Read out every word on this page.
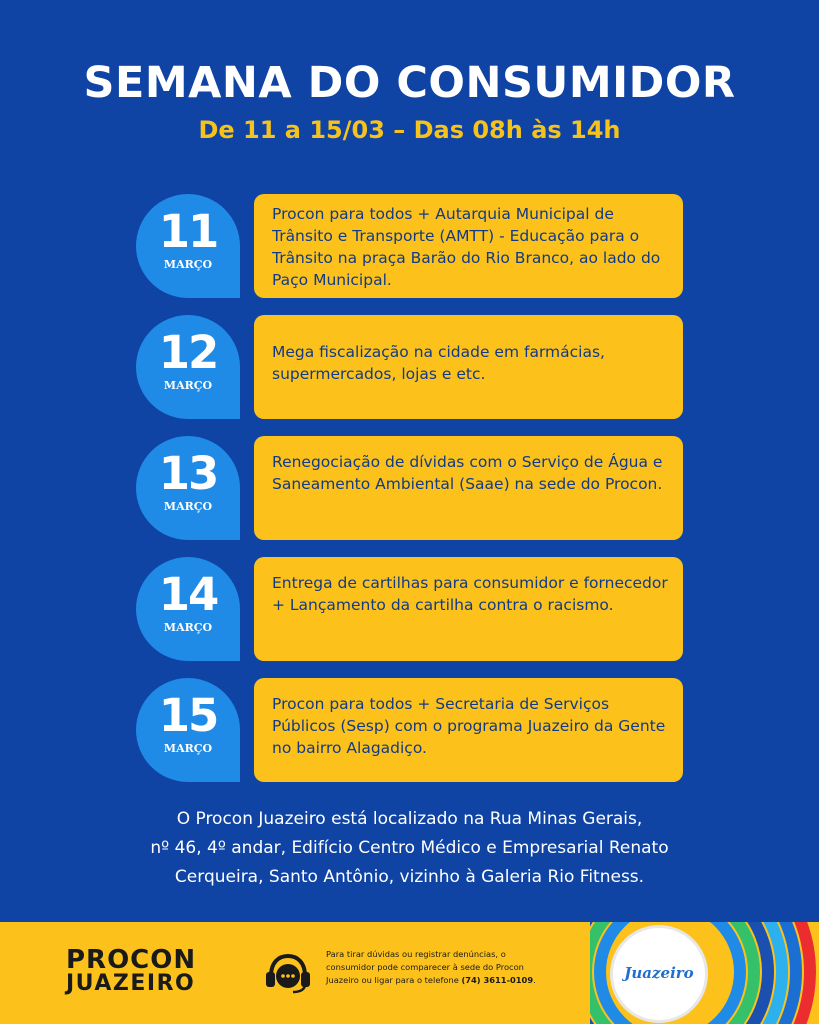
SEMANA DO CONSUMIDOR
De 11 a 15/03 – Das 08h às 14h
11
MARÇO
Procon para todos + Autarquia Municipal de Trânsito e Transporte (AMTT) - Educação para o Trânsito na praça Barão do Rio Branco, ao lado do Paço Municipal.
12
MARÇO
Mega fiscalização na cidade em farmácias, supermercados, lojas e etc.
13
MARÇO
Renegociação de dívidas com o Serviço de Água e Saneamento Ambiental (Saae) na sede do Procon.
14
MARÇO
Entrega de cartilhas para consumidor e fornecedor + Lançamento da cartilha contra o racismo.
15
MARÇO
Procon para todos + Secretaria de Serviços Públicos (Sesp) com o programa Juazeiro da Gente no bairro Alagadiço.
O Procon Juazeiro está localizado na Rua Minas Gerais,
nº 46, 4º andar, Edifício Centro Médico e Empresarial Renato
Cerqueira, Santo Antônio, vizinho à Galeria Rio Fitness.
PROCON
JUAZEIRO
Para tirar dúvidas ou registrar denúncias, o
consumidor pode comparecer à sede do Procon
Juazeiro ou ligar para o telefone (74) 3611-0109.	Juazeiro
